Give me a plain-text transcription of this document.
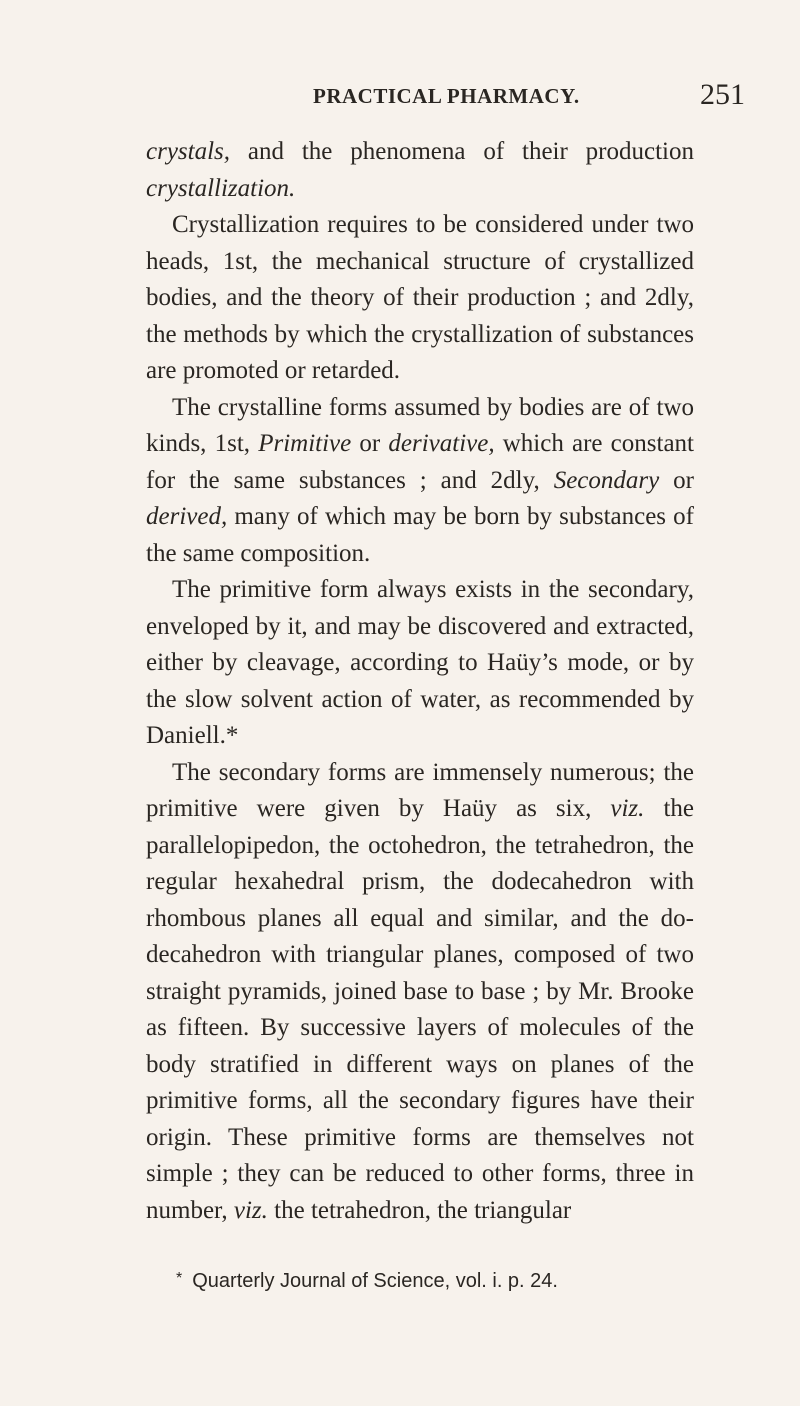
PRACTICAL PHARMACY.	251

crystals, and the phenomena of their production crystallization.

Crystallization requires to be considered under two heads, 1st, the mechanical structure of crystallized bodies, and the theory of their production ; and 2dly, the methods by which the crystallization of substances are promoted or retarded.

The crystalline forms assumed by bodies are of two kinds, 1st, Primitive or derivative, which are constant for the same substances ; and 2dly, Secondary or derived, many of which may be born by substances of the same composition.

The primitive form always exists in the secondary, enveloped by it, and may be discovered and extracted, either by cleavage, according to Haüy’s mode, or by the slow solvent action of water, as recommended by Daniell.*

The secondary forms are immensely numerous; the primitive were given by Haüy as six, viz. the parallelopipedon, the octohedron, the tetrahedron, the regular hexahedral prism, the dodecahedron with rhombous planes all equal and similar, and the dodecahedron with triangular planes, composed of two straight pyramids, joined base to base ; by Mr. Brooke as fifteen. By successive layers of molecules of the body stratified in different ways on planes of the primitive forms, all the secondary figures have their origin. These primitive forms are themselves not simple ; they can be reduced to other forms, three in number, viz. the tetrahedron, the triangular

* Quarterly Journal of Science, vol. i. p. 24.
